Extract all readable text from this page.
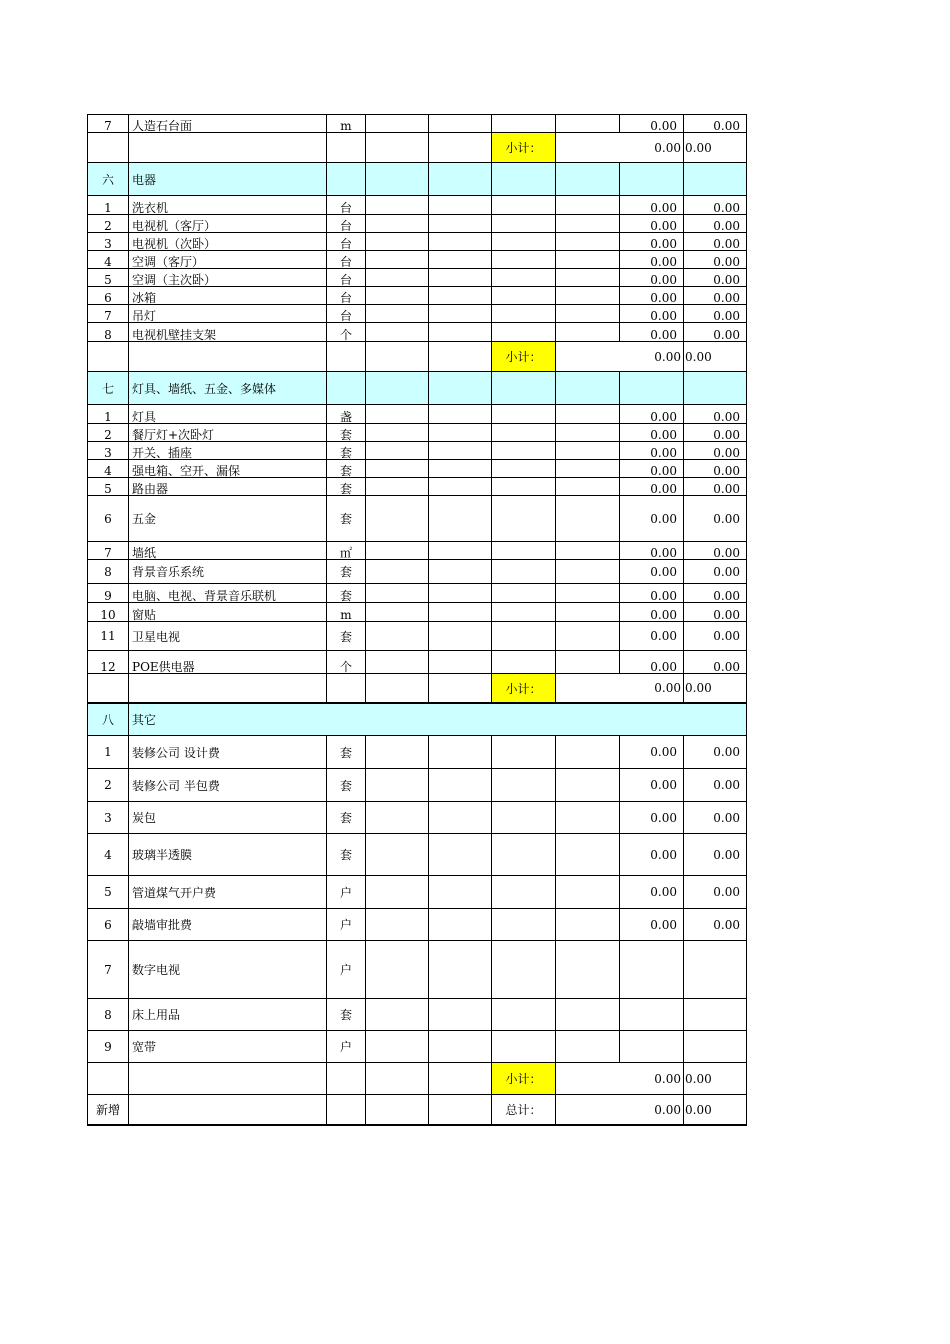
7	人造石台面	m	0.00	0.00
小计：	0.00 0.00
六	电器
1	洗衣机	台	0.00	0.00
2	电视机（客厅）	台	0.00	0.00
3	电视机（次卧）	台	0.00	0.00
4	空调（客厅）	台	0.00	0.00
5	空调（主次卧）	台	0.00	0.00
6	冰箱	台	0.00	0.00
7	吊灯	台	0.00	0.00
8	电视机壁挂支架	个	0.00	0.00
小计：	0.00 0.00
七	灯具、墙纸、五金、多媒体
1	灯具	盏	0.00	0.00
2	餐厅灯+次卧灯	套	0.00	0.00
3	开关、插座	套	0.00	0.00
4	强电箱、空开、漏保	套	0.00	0.00
5	路由器	套	0.00	0.00
6	五金	套	0.00	0.00
7	墙纸	㎡	0.00	0.00
8	背景音乐系统	套	0.00	0.00
9	电脑、电视、背景音乐联机	套	0.00	0.00
10	窗贴	m	0.00	0.00
11	卫星电视	套	0.00	0.00
12	POE供电器	个	0.00	0.00
小计：	0.00 0.00
八	其它
1	装修公司 设计费	套	0.00	0.00
2	装修公司 半包费	套	0.00	0.00
3	炭包	套	0.00	0.00
4	玻璃半透膜	套	0.00	0.00
5	管道煤气开户费	户	0.00	0.00
6	敲墙审批费	户	0.00	0.00
7	数字电视	户
8	床上用品	套
9	宽带	户
小计：	0.00 0.00
新增	总计：	0.00 0.00
